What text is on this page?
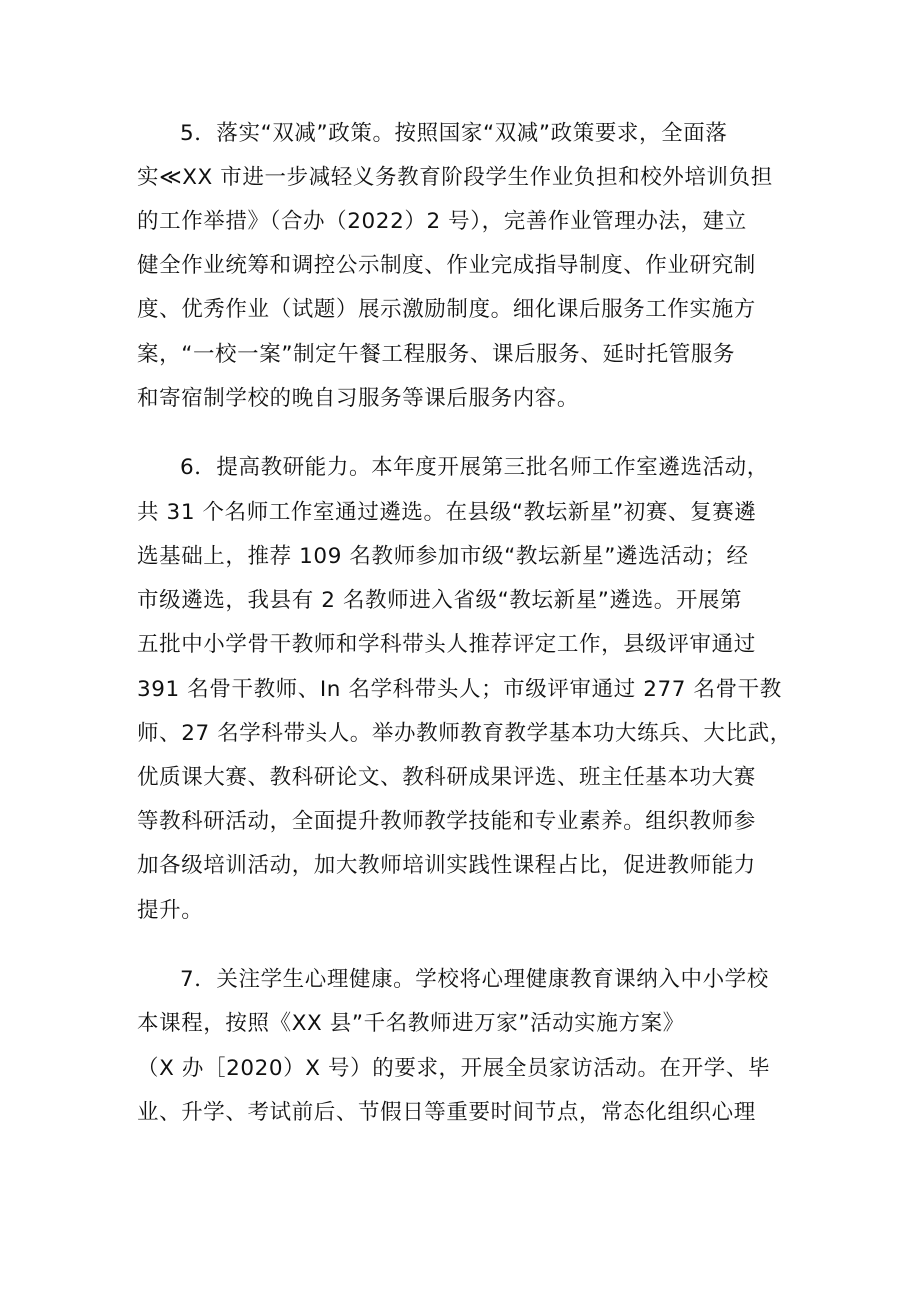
5．落实“双减”政策。按照国家“双减”政策要求，全面落
实≪XX 市进一步减轻义务教育阶段学生作业负担和校外培训负担
的工作举措》（合办（2022）2 号），完善作业管理办法，建立
健全作业统筹和调控公示制度、作业完成指导制度、作业研究制
度、优秀作业（试题）展示激励制度。细化课后服务工作实施方
案，“一校一案”制定午餐工程服务、课后服务、延时托管服务
和寄宿制学校的晚自习服务等课后服务内容。
6．提高教研能力。本年度开展第三批名师工作室遴选活动，
共 31 个名师工作室通过遴选。在县级“教坛新星”初赛、复赛遴
选基础上，推荐 109 名教师参加市级“教坛新星”遴选活动；经
市级遴选，我县有 2 名教师进入省级“教坛新星”遴选。开展第
五批中小学骨干教师和学科带头人推荐评定工作，县级评审通过
391 名骨干教师、In 名学科带头人；市级评审通过 277 名骨干教
师、27 名学科带头人。举办教师教育教学基本功大练兵、大比武，
优质课大赛、教科研论文、教科研成果评选、班主任基本功大赛
等教科研活动，全面提升教师教学技能和专业素养。组织教师参
加各级培训活动，加大教师培训实践性课程占比，促进教师能力
提升。
7．关注学生心理健康。学校将心理健康教育课纳入中小学校
本课程，按照《XX 县”千名教师进万家”活动实施方案》
（X 办［2020）X 号）的要求，开展全员家访活动。在开学、毕
业、升学、考试前后、节假日等重要时间节点，常态化组织心理
